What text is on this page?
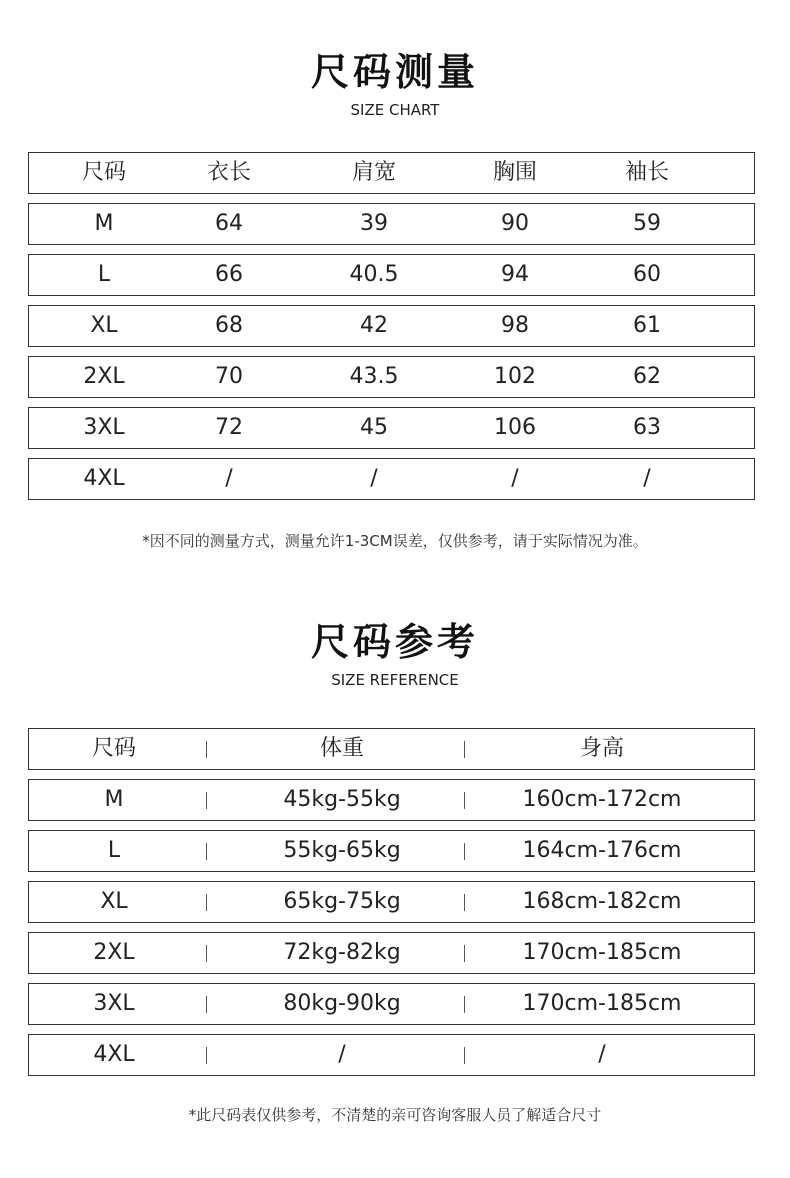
尺码测量
SIZE CHART
尺码	衣长	肩宽	胸围	袖长
M	64	39	90	59
L	66	40.5	94	60
XL	68	42	98	61
2XL	70	43.5	102	62
3XL	72	45	106	63
4XL	/	/	/	/
*因不同的测量方式，测量允许1-3CM误差，仅供参考，请于实际情况为准。
尺码参考
SIZE REFERENCE
尺码	体重	身高
M	45kg-55kg	160cm-172cm
L	55kg-65kg	164cm-176cm
XL	65kg-75kg	168cm-182cm
2XL	72kg-82kg	170cm-185cm
3XL	80kg-90kg	170cm-185cm
4XL	/	/
*此尺码表仅供参考，不清楚的亲可咨询客服人员了解适合尺寸
